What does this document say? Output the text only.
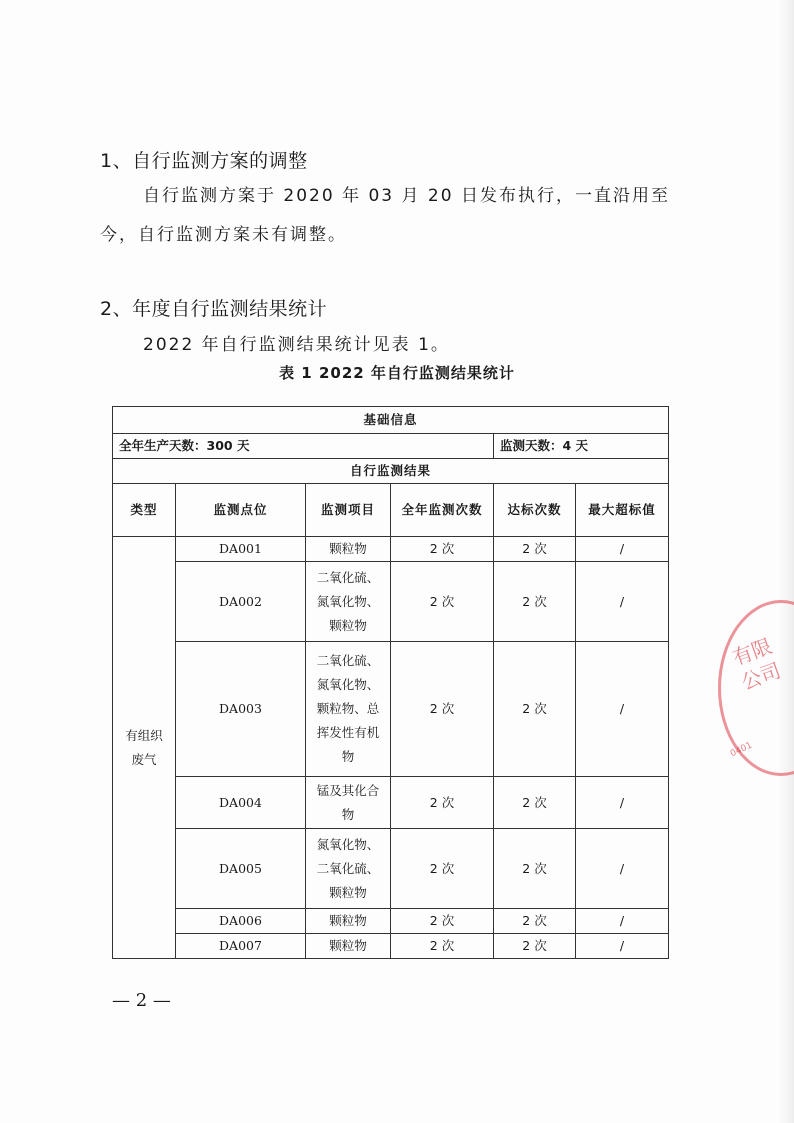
1、自行监测方案的调整
自行监测方案于 2020 年 03 月 20 日发布执行，一直沿用至
今，自行监测方案未有调整。
2、年度自行监测结果统计
2022 年自行监测结果统计见表 1。
表 1 2022 年自行监测结果统计
基础信息					
全年生产天数：300 天				监测天数：4 天	
自行监测结果					
类型	监测点位	监测项目	全年监测次数	达标次数	最大超标值
有组织废气	DA001	颗粒物	2 次	2 次	/
	DA002	二氧化硫、氮氧化物、颗粒物	2 次	2 次	/
	DA003	二氧化硫、氮氧化物、颗粒物、总挥发性有机物	2 次	2 次	/
	DA004	锰及其化合物	2 次	2 次	/
	DA005	氮氧化物、二氧化硫、颗粒物	2 次	2 次	/
	DA006	颗粒物	2 次	2 次	/
	DA007	颗粒物	2 次	2 次	/
有限公司
0401
— 2 —
